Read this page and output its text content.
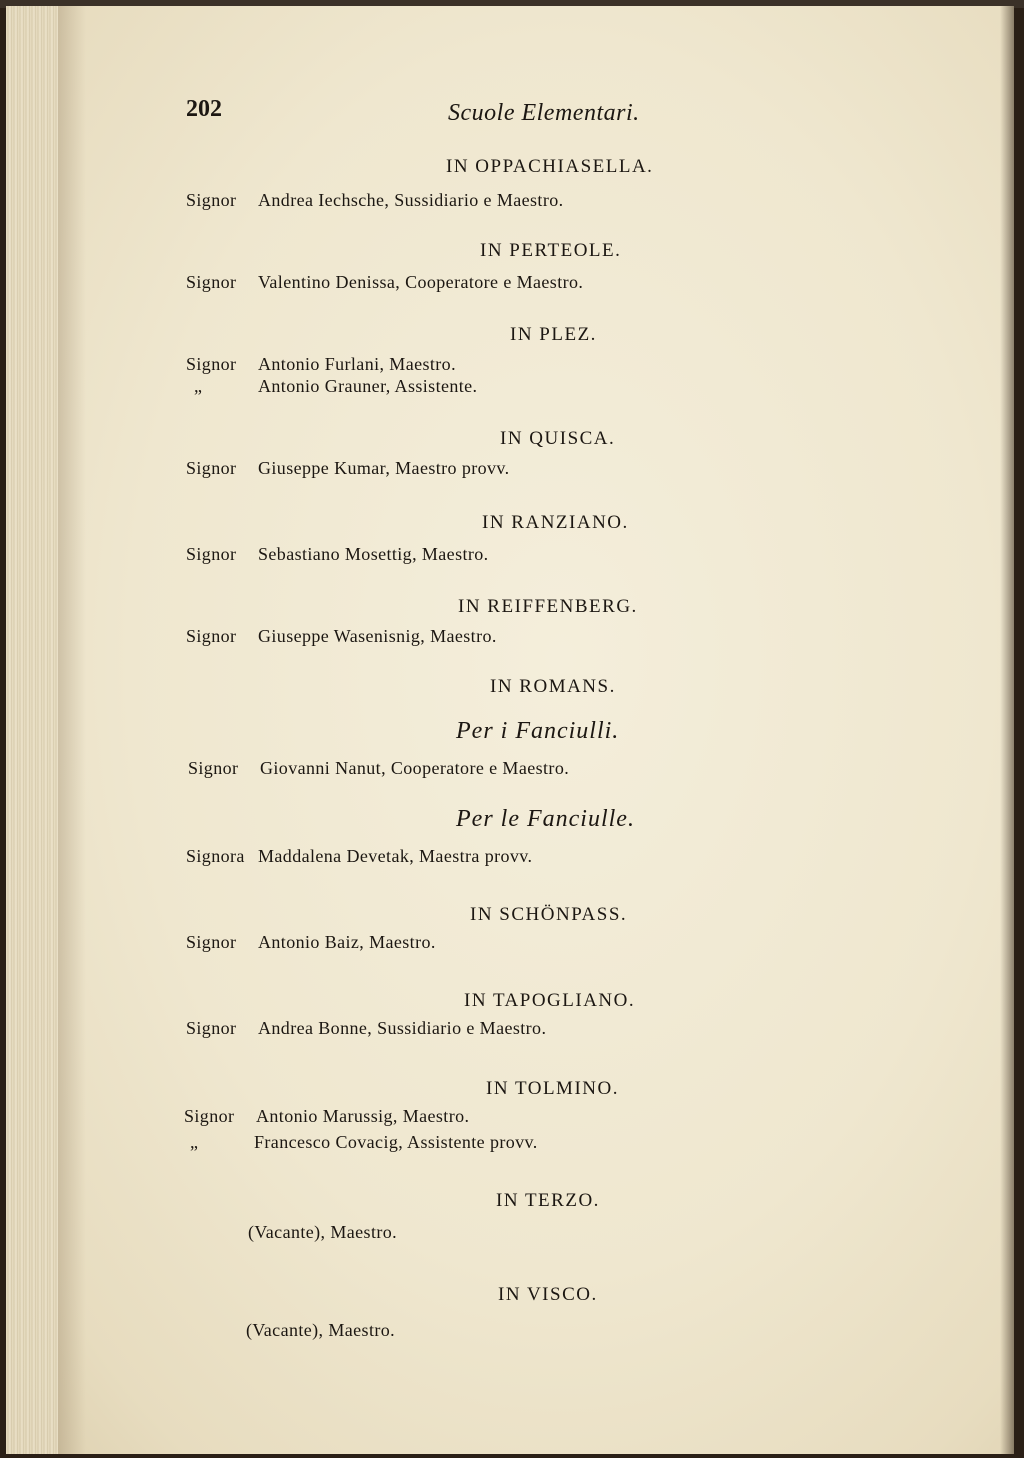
202	Scuole Elementari.
IN OPPACHIASELLA.
Signor Andrea Iechsche, Sussidiario e Maestro.
IN PERTEOLE.
Signor Valentino Denissa, Cooperatore e Maestro.
IN PLEZ.
Signor Antonio Furlani, Maestro.
„	Antonio Grauner, Assistente.
IN QUISCA.
Signor Giuseppe Kumar, Maestro provv.
IN RANZIANO.
Signor Sebastiano Mosettig, Maestro.
IN REIFFENBERG.
Signor Giuseppe Wasenisnig, Maestro.
IN ROMANS.
Per i Fanciulli.
Signor Giovanni Nanut, Cooperatore e Maestro.
Per le Fanciulle.
Signora Maddalena Devetak, Maestra provv.
IN SCHÖNPASS.
Signor Antonio Baiz, Maestro.
IN TAPOGLIANO.
Signor Andrea Bonne, Sussidiario e Maestro.
IN TOLMINO.
Signor Antonio Marussig, Maestro.
„	Francesco Covacig, Assistente provv.
IN TERZO.
(Vacante), Maestro.
IN VISCO.
(Vacante), Maestro.
